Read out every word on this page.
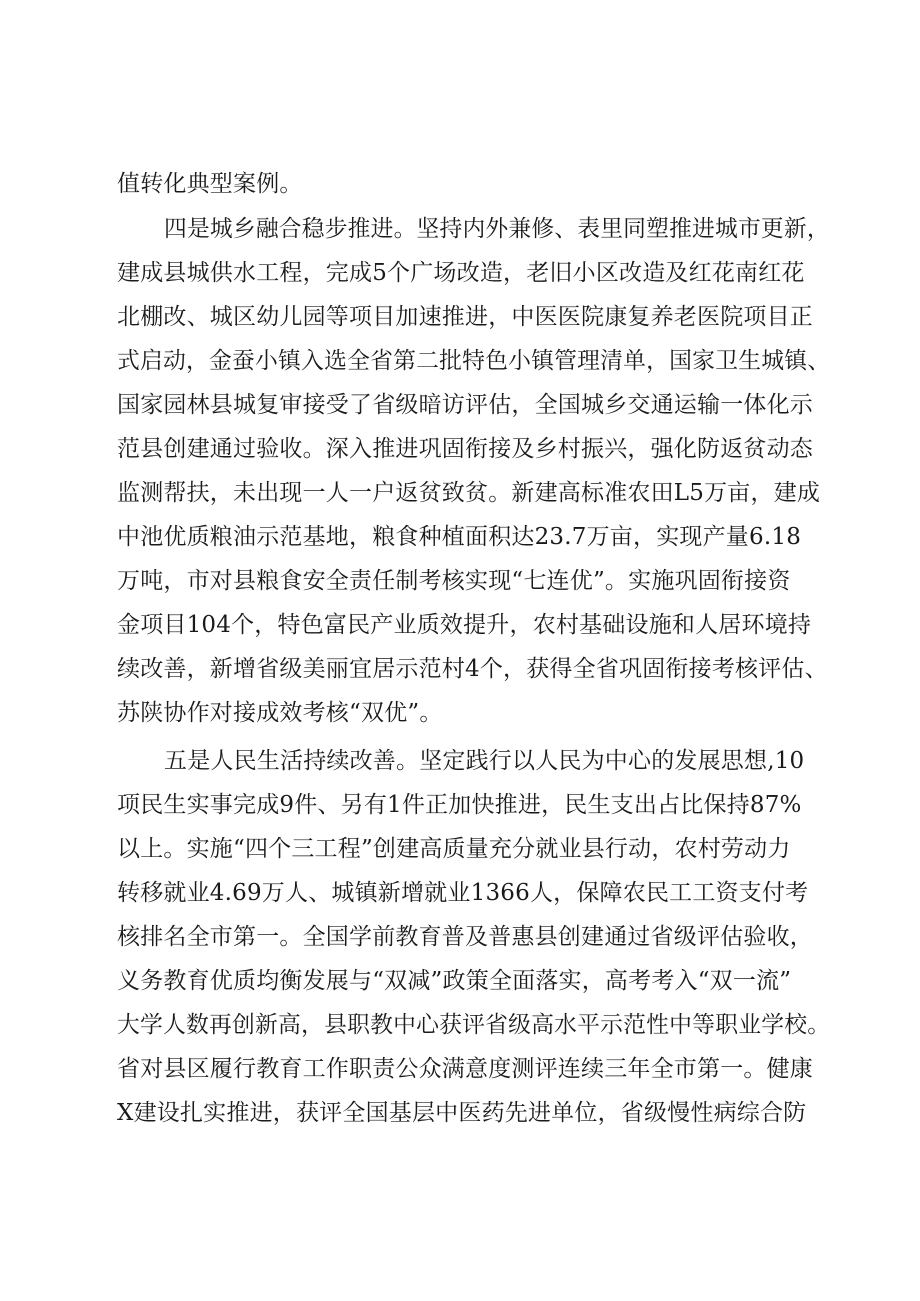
值转化典型案例。
四是城乡融合稳步推进。坚持内外兼修、表里同塑推进城市更新，
建成县城供水工程，完成5个广场改造，老旧小区改造及红花南红花
北棚改、城区幼儿园等项目加速推进，中医医院康复养老医院项目正
式启动，金蚕小镇入选全省第二批特色小镇管理清单，国家卫生城镇、
国家园林县城复审接受了省级暗访评估，全国城乡交通运输一体化示
范县创建通过验收。深入推进巩固衔接及乡村振兴，强化防返贫动态
监测帮扶，未出现一人一户返贫致贫。新建高标准农田L5万亩，建成
中池优质粮油示范基地，粮食种植面积达23.7万亩，实现产量6.18
万吨，市对县粮食安全责任制考核实现“七连优”。实施巩固衔接资
金项目104个，特色富民产业质效提升，农村基础设施和人居环境持
续改善，新增省级美丽宜居示范村4个，获得全省巩固衔接考核评估、
苏陕协作对接成效考核“双优”。
五是人民生活持续改善。坚定践行以人民为中心的发展思想,10
项民生实事完成9件、另有1件正加快推进，民生支出占比保持87%
以上。实施“四个三工程”创建高质量充分就业县行动，农村劳动力
转移就业4.69万人、城镇新增就业1366人，保障农民工工资支付考
核排名全市第一。全国学前教育普及普惠县创建通过省级评估验收，
义务教育优质均衡发展与“双减”政策全面落实，高考考入“双一流”
大学人数再创新高，县职教中心获评省级高水平示范性中等职业学校。
省对县区履行教育工作职责公众满意度测评连续三年全市第一。健康
X建设扎实推进，获评全国基层中医药先进单位，省级慢性病综合防
